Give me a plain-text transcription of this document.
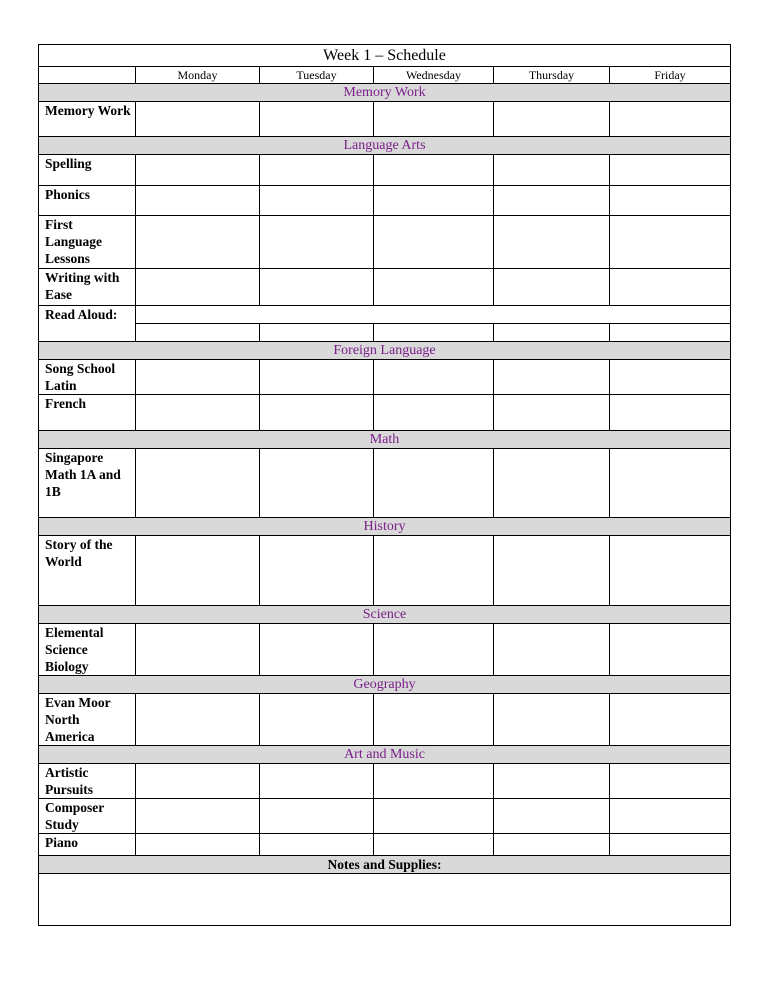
Week 1 – Schedule					
	Monday	Tuesday	Wednesday	Thursday	Friday
Memory Work					
Memory Work					
Language Arts					
Spelling					
Phonics					
First Language Lessons					
Writing with Ease					
Read Aloud:					

Foreign Language					
Song School Latin					
French					
Math					
Singapore Math 1A and 1B					
History					
Story of the World					
Science					
Elemental Science Biology					
Geography					
Evan Moor North America					
Art and Music					
Artistic Pursuits					
Composer Study					
Piano					
Notes and Supplies:					
